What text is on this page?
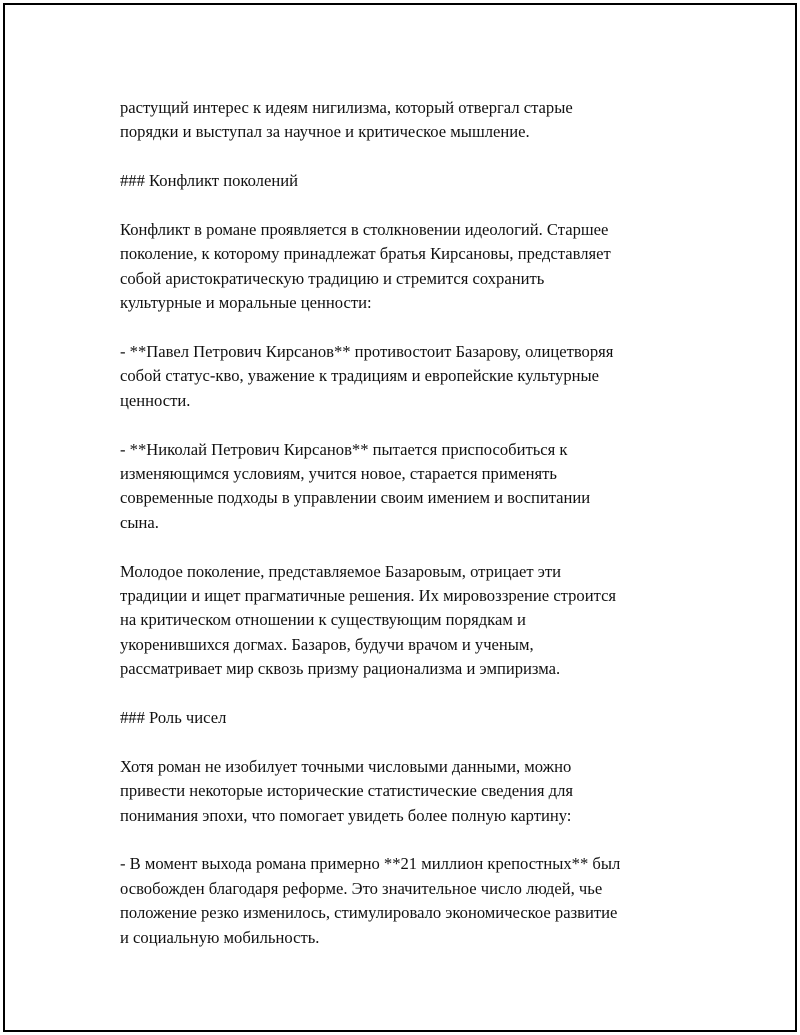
растущий интерес к идеям нигилизма, который отвергал старые
порядки и выступал за научное и критическое мышление.

### Конфликт поколений

Конфликт в романе проявляется в столкновении идеологий. Старшее
поколение, к которому принадлежат братья Кирсановы, представляет
собой аристократическую традицию и стремится сохранить
культурные и моральные ценности:

- **Павел Петрович Кирсанов** противостоит Базарову, олицетворяя
собой статус-кво, уважение к традициям и европейские культурные
ценности.

- **Николай Петрович Кирсанов** пытается приспособиться к
изменяющимся условиям, учится новое, старается применять
современные подходы в управлении своим имением и воспитании
сына.

Молодое поколение, представляемое Базаровым, отрицает эти
традиции и ищет прагматичные решения. Их мировоззрение строится
на критическом отношении к существующим порядкам и
укоренившихся догмах. Базаров, будучи врачом и ученым,
рассматривает мир сквозь призму рационализма и эмпиризма.

### Роль чисел

Хотя роман не изобилует точными числовыми данными, можно
привести некоторые исторические статистические сведения для
понимания эпохи, что помогает увидеть более полную картину:

- В момент выхода романа примерно **21 миллион крепостных** был
освобожден благодаря реформе. Это значительное число людей, чье
положение резко изменилось, стимулировало экономическое развитие
и социальную мобильность.
